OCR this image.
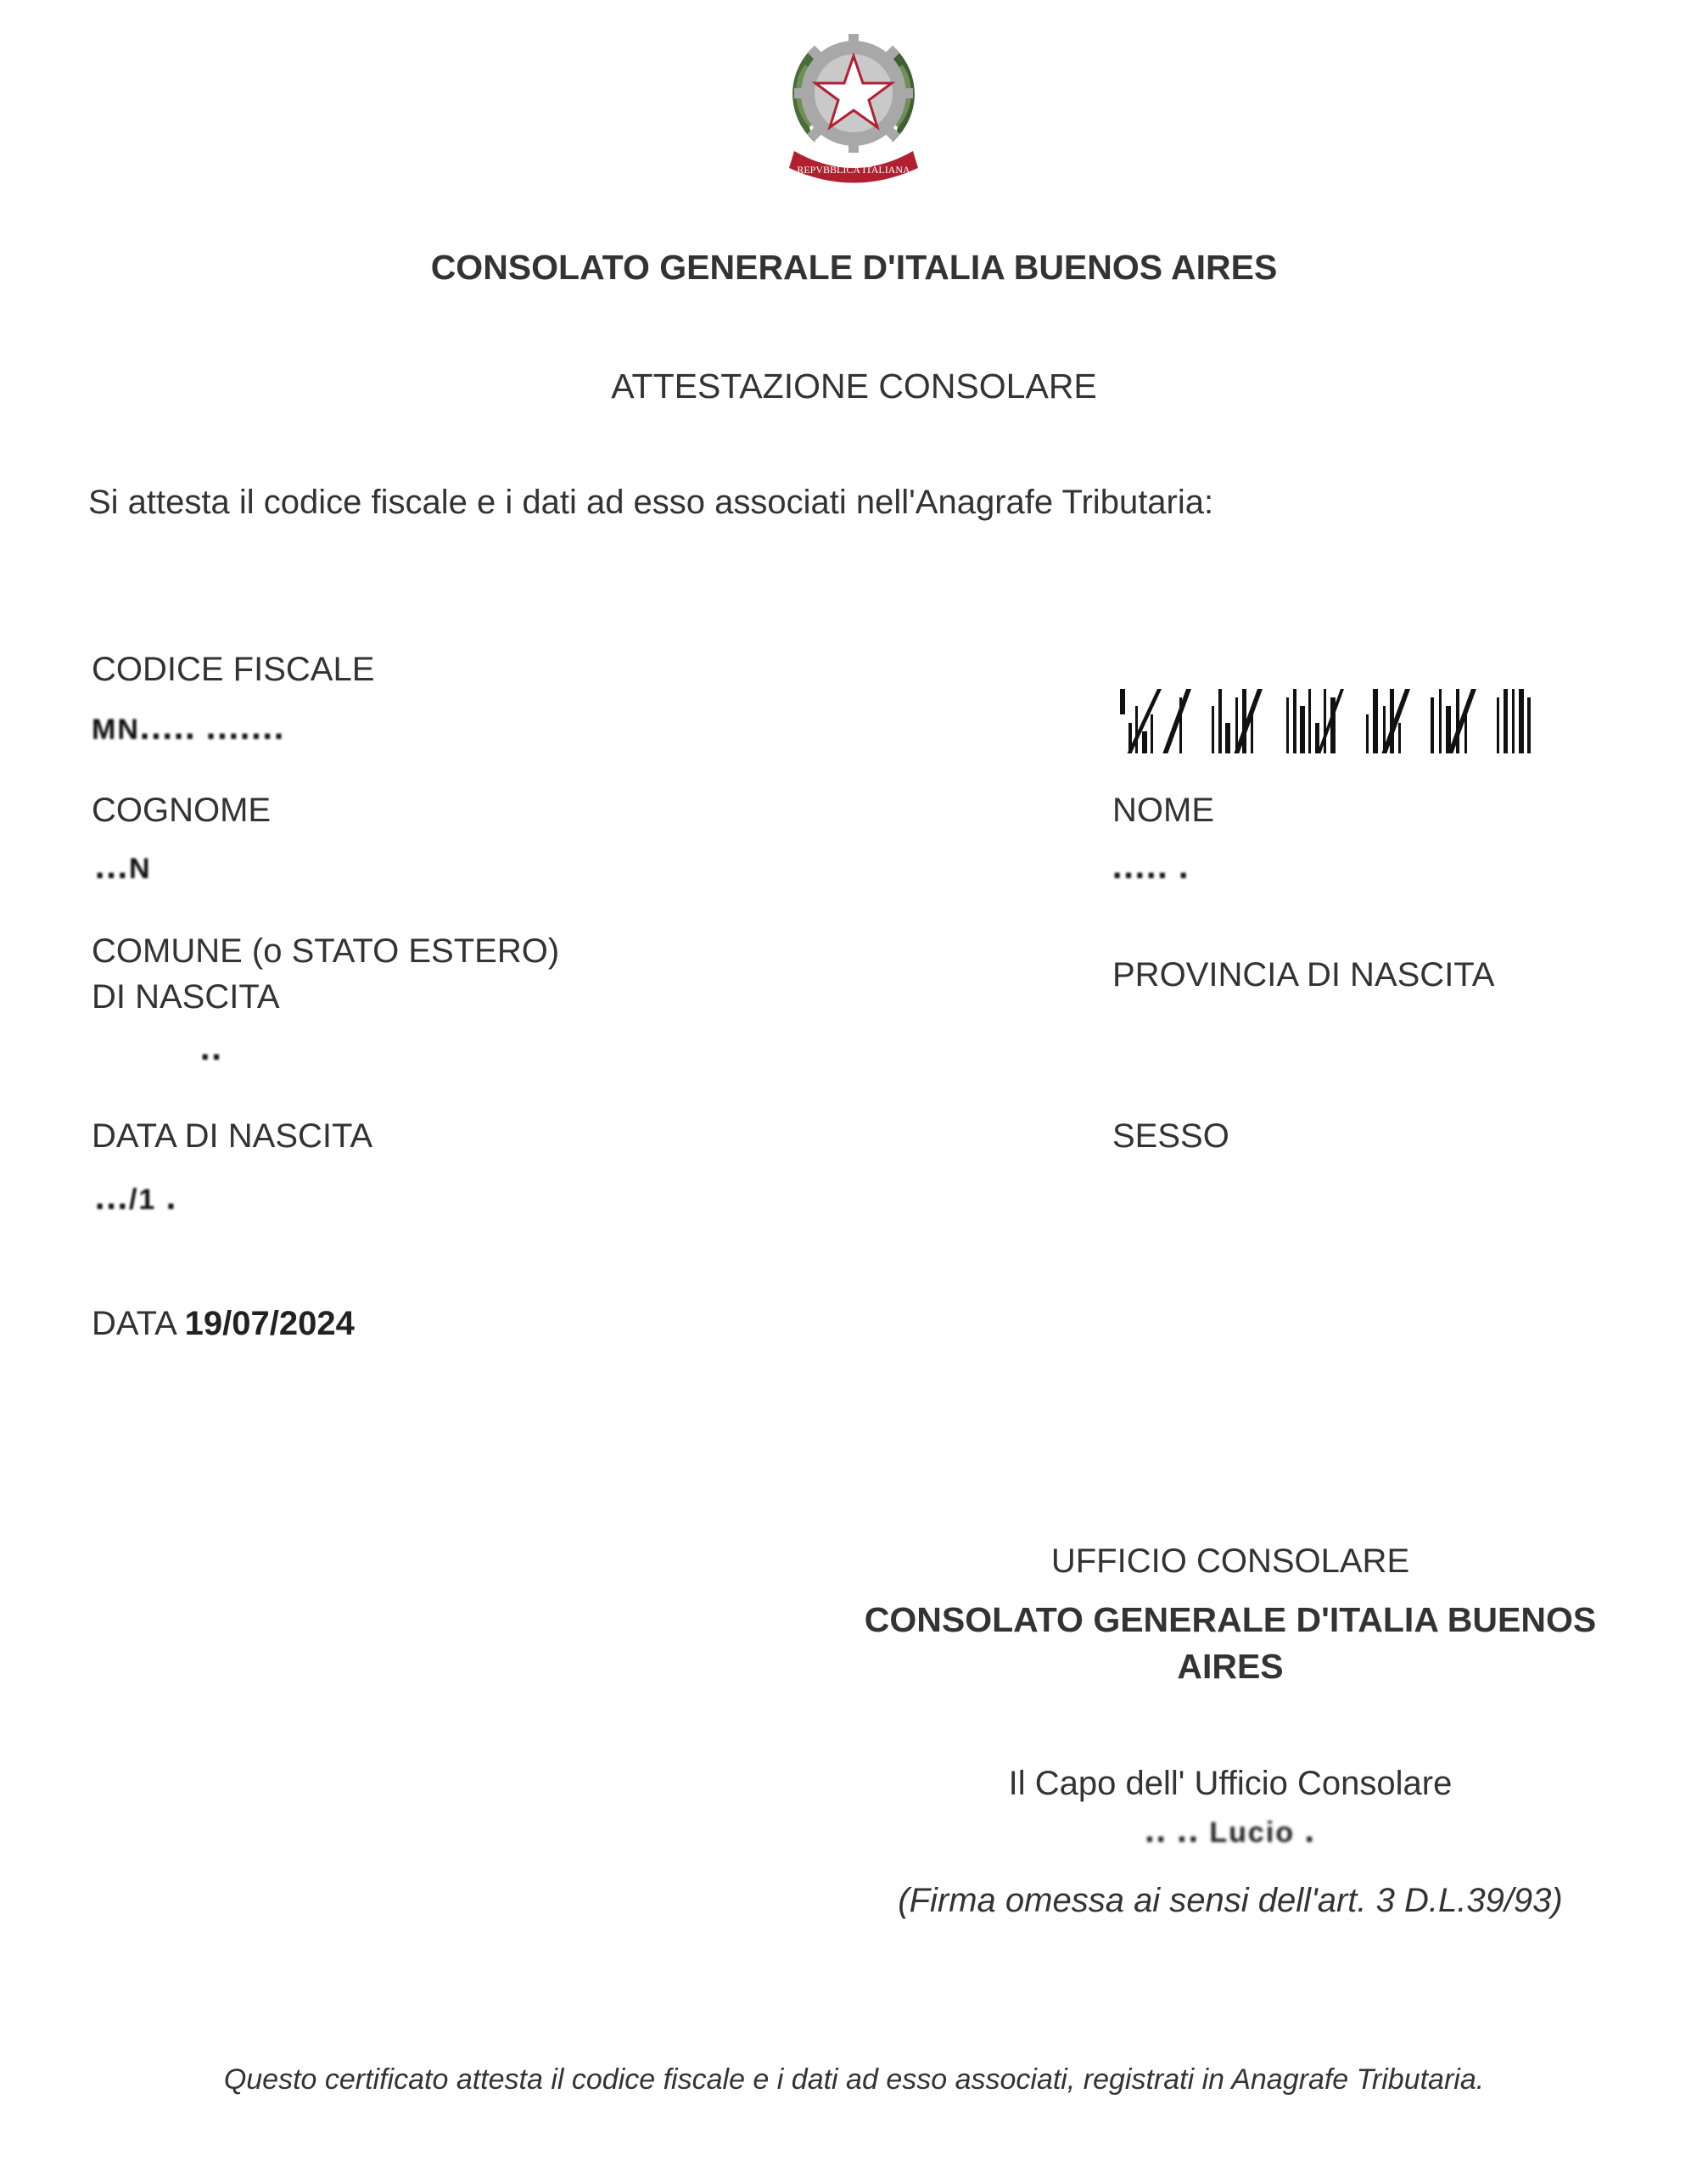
REPVBBLICA ITALIANA
CONSOLATO GENERALE D'ITALIA BUENOS AIRES
ATTESTAZIONE CONSOLARE
Si attesta il codice fiscale e i dati ad esso associati nell'Anagrafe Tributaria:
CODICE FISCALE
MN․․․․․ ․․․․․․․
COGNOME
․․․N
NOME
․․․․․ ․
COMUNE (o STATO ESTERO)
DI NASCITA
․․
PROVINCIA DI NASCITA
DATA DI NASCITA
․․․/1 ․
SESSO
DATA 19/07/2024
UFFICIO CONSOLARE
CONSOLATO GENERALE D'ITALIA BUENOS AIRES
Il Capo dell' Ufficio Consolare
․․ ․․ Lucio ․
(Firma omessa ai sensi dell'art. 3 D.L.39/93)
Questo certificato attesta il codice fiscale e i dati ad esso associati, registrati in Anagrafe Tributaria.
